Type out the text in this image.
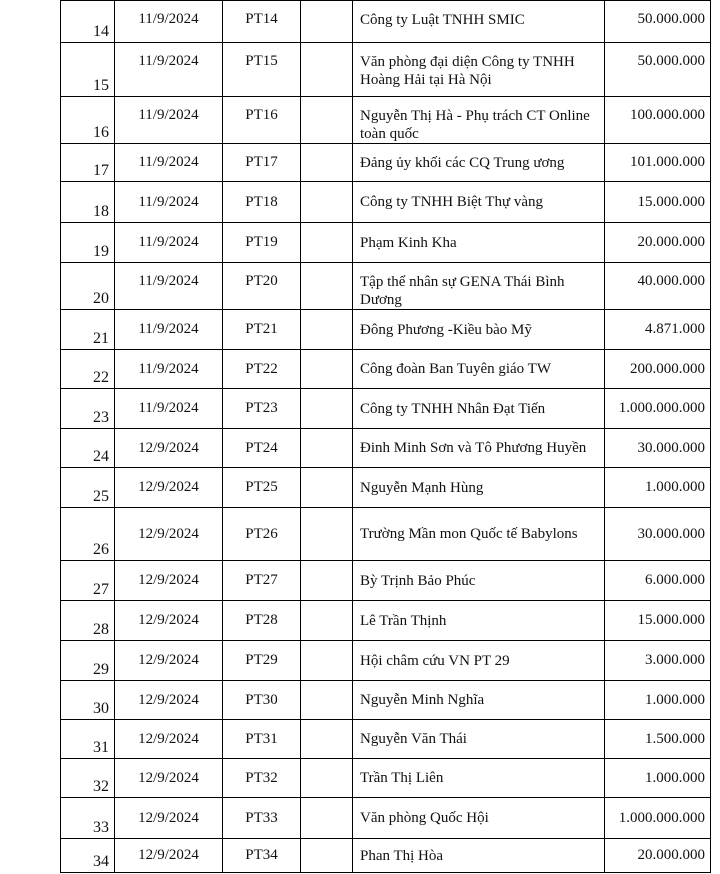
14	11/9/2024	PT14		Công ty Luật TNHH SMIC	50.000.000
15	11/9/2024	PT15		Văn phòng đại diện Công ty TNHH Hoàng Hải tại Hà Nội	50.000.000
16	11/9/2024	PT16		Nguyễn Thị Hà - Phụ trách CT Online toàn quốc	100.000.000
17	11/9/2024	PT17		Đảng ủy khối các CQ Trung ương	101.000.000
18	11/9/2024	PT18		Công ty TNHH Biệt Thự vàng	15.000.000
19	11/9/2024	PT19		Phạm Kinh Kha	20.000.000
20	11/9/2024	PT20		Tập thể nhân sự GENA Thái Bình Dương	40.000.000
21	11/9/2024	PT21		Đông Phương -Kiều bào Mỹ	4.871.000
22	11/9/2024	PT22		Công đoàn Ban Tuyên giáo TW	200.000.000
23	11/9/2024	PT23		Công ty TNHH Nhân Đạt Tiến	1.000.000.000
24	12/9/2024	PT24		Đinh Minh Sơn và Tô Phương Huyền	30.000.000
25	12/9/2024	PT25		Nguyễn Mạnh Hùng	1.000.000
26	12/9/2024	PT26		Trường Mần mon Quốc tế Babylons	30.000.000
27	12/9/2024	PT27		Bỳ Trịnh Bảo Phúc	6.000.000
28	12/9/2024	PT28		Lê Trần Thịnh	15.000.000
29	12/9/2024	PT29		Hội châm cứu VN PT 29	3.000.000
30	12/9/2024	PT30		Nguyễn Minh Nghĩa	1.000.000
31	12/9/2024	PT31		Nguyễn Văn Thái	1.500.000
32	12/9/2024	PT32		Trần Thị Liên	1.000.000
33	12/9/2024	PT33		Văn phòng Quốc Hội	1.000.000.000
34	12/9/2024	PT34		Phan Thị Hòa	20.000.000
